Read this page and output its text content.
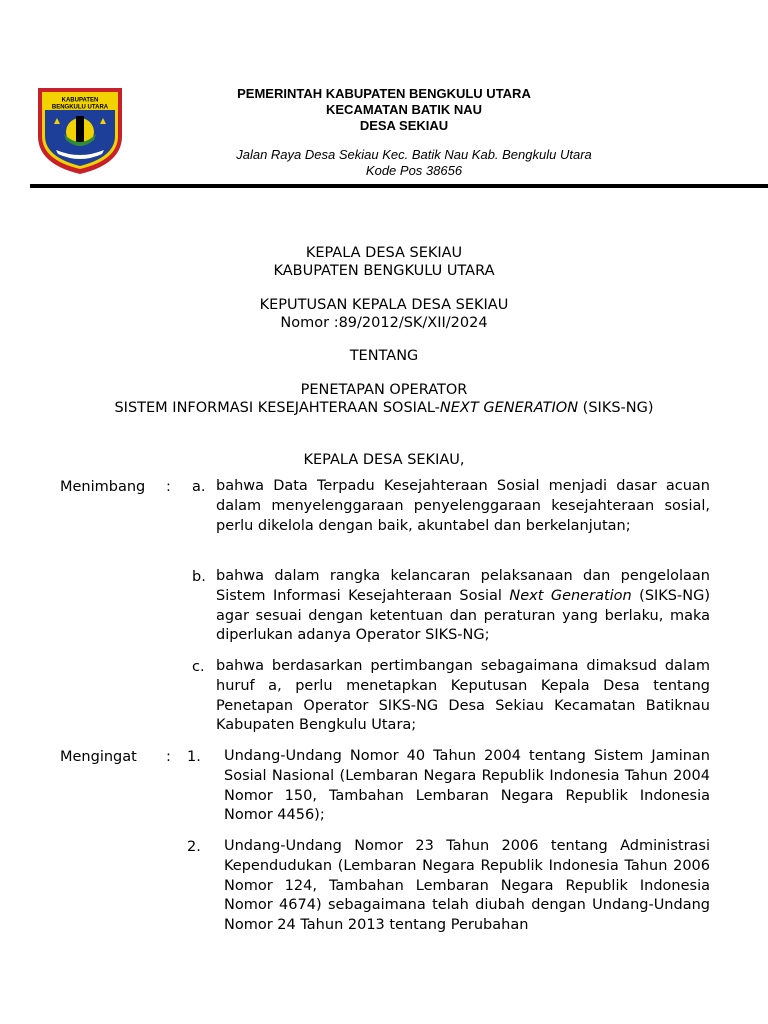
KABUPATEN
BENGKULU UTARA
PEMERINTAH KABUPATEN BENGKULU UTARA
KECAMATAN BATIK NAU
DESA SEKIAU
Jalan Raya Desa Sekiau Kec. Batik Nau Kab. Bengkulu Utara
Kode Pos 38656
KEPALA DESA SEKIAU
KABUPATEN BENGKULU UTARA
KEPUTUSAN KEPALA DESA SEKIAU
Nomor :89/2012/SK/XII/2024
TENTANG
PENETAPAN OPERATOR
SISTEM INFORMASI KESEJAHTERAAN SOSIAL-NEXT GENERATION (SIKS-NG)
KEPALA DESA SEKIAU,
Menimbang : a. bahwa Data Terpadu Kesejahteraan Sosial menjadi dasar acuan dalam menyelenggaraan penyelenggaraan kesejahteraan sosial, perlu dikelola dengan baik, akuntabel dan berkelanjutan;
b. bahwa dalam rangka kelancaran pelaksanaan dan pengelolaan Sistem Informasi Kesejahteraan Sosial Next Generation (SIKS-NG) agar sesuai dengan ketentuan dan peraturan yang berlaku, maka diperlukan adanya Operator SIKS-NG;
c. bahwa berdasarkan pertimbangan sebagaimana dimaksud dalam huruf a, perlu menetapkan Keputusan Kepala Desa tentang Penetapan Operator SIKS-NG Desa Sekiau Kecamatan Batiknau Kabupaten Bengkulu Utara;
Mengingat : 1. Undang-Undang Nomor 40 Tahun 2004 tentang Sistem Jaminan Sosial Nasional (Lembaran Negara Republik Indonesia Tahun 2004 Nomor 150, Tambahan Lembaran Negara Republik Indonesia Nomor 4456);
2. Undang-Undang Nomor 23 Tahun 2006 tentang Administrasi Kependudukan (Lembaran Negara Republik Indonesia Tahun 2006 Nomor 124, Tambahan Lembaran Negara Republik Indonesia Nomor 4674) sebagaimana telah diubah dengan Undang-Undang Nomor 24 Tahun 2013 tentang Perubahan
